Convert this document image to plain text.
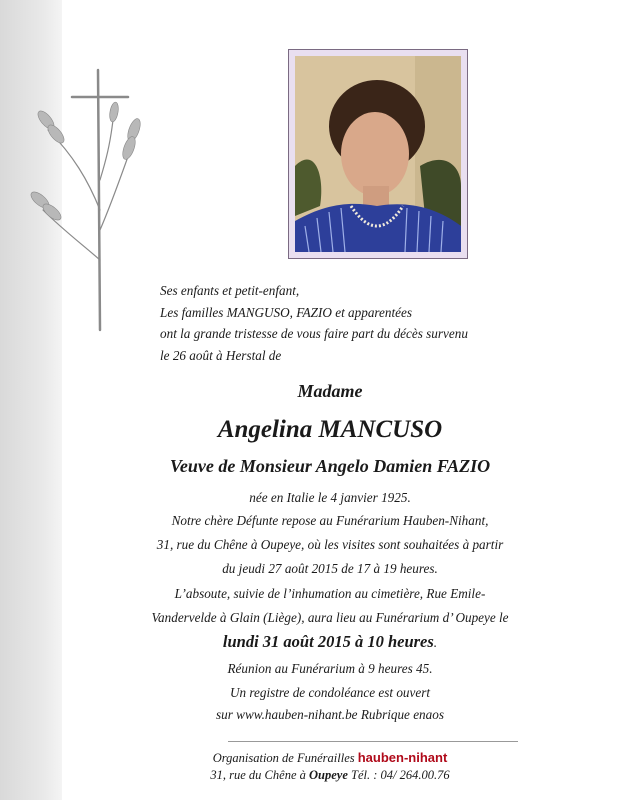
Ses enfants et petit-enfant,
Les familles MANGUSO, FAZIO et apparentées
ont la grande tristesse de vous faire part du décès survenu
le 26 août à Herstal de
Madame
Angelina MANCUSO
Veuve de Monsieur Angelo Damien FAZIO
née en Italie le 4 janvier 1925.
Notre chère Défunte repose au Funérarium Hauben-Nihant,
31, rue du Chêne à Oupeye, où les visites sont souhaitées à partir
du jeudi 27 août 2015 de 17 à 19 heures.
L’absoute, suivie de l’inhumation au cimetière, Rue Emile-
Vandervelde à Glain (Liège), aura lieu au Funérarium d’ Oupeye le
lundi 31 août 2015 à 10 heures.
Réunion au Funérarium à 9 heures 45.
Un registre de condoléance est ouvert
sur www.hauben-nihant.be Rubrique enaos
Organisation de Funérailles hauben-nihant
31, rue du Chêne à Oupeye Tél. : 04/ 264.00.76
